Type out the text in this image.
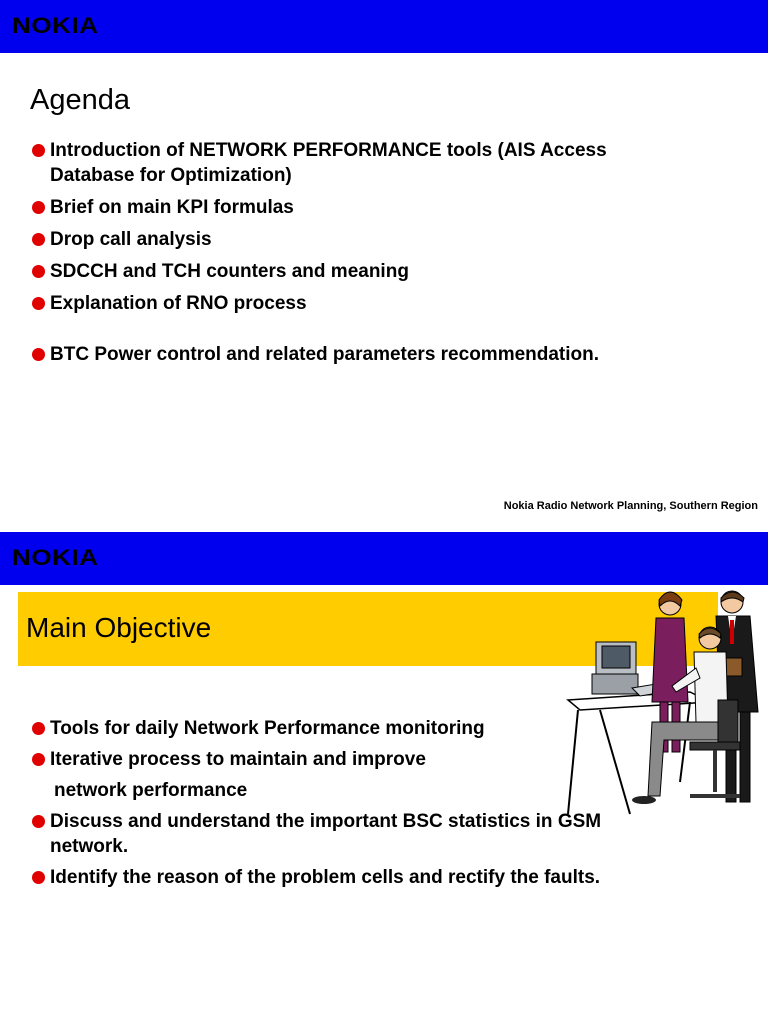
NOKIA
Agenda
Introduction of NETWORK PERFORMANCE tools (AIS Access Database for Optimization)
Brief on main KPI formulas
Drop call analysis
SDCCH and TCH counters and meaning
Explanation of RNO process
BTC Power control and related parameters recommendation.
Nokia Radio Network Planning, Southern Region
NOKIA
Main Objective
Tools for daily Network Performance monitoring
Iterative process to maintain and improve
network performance
Discuss and understand the important BSC statistics in GSM network.
Identify the reason of the problem cells and rectify the faults.
